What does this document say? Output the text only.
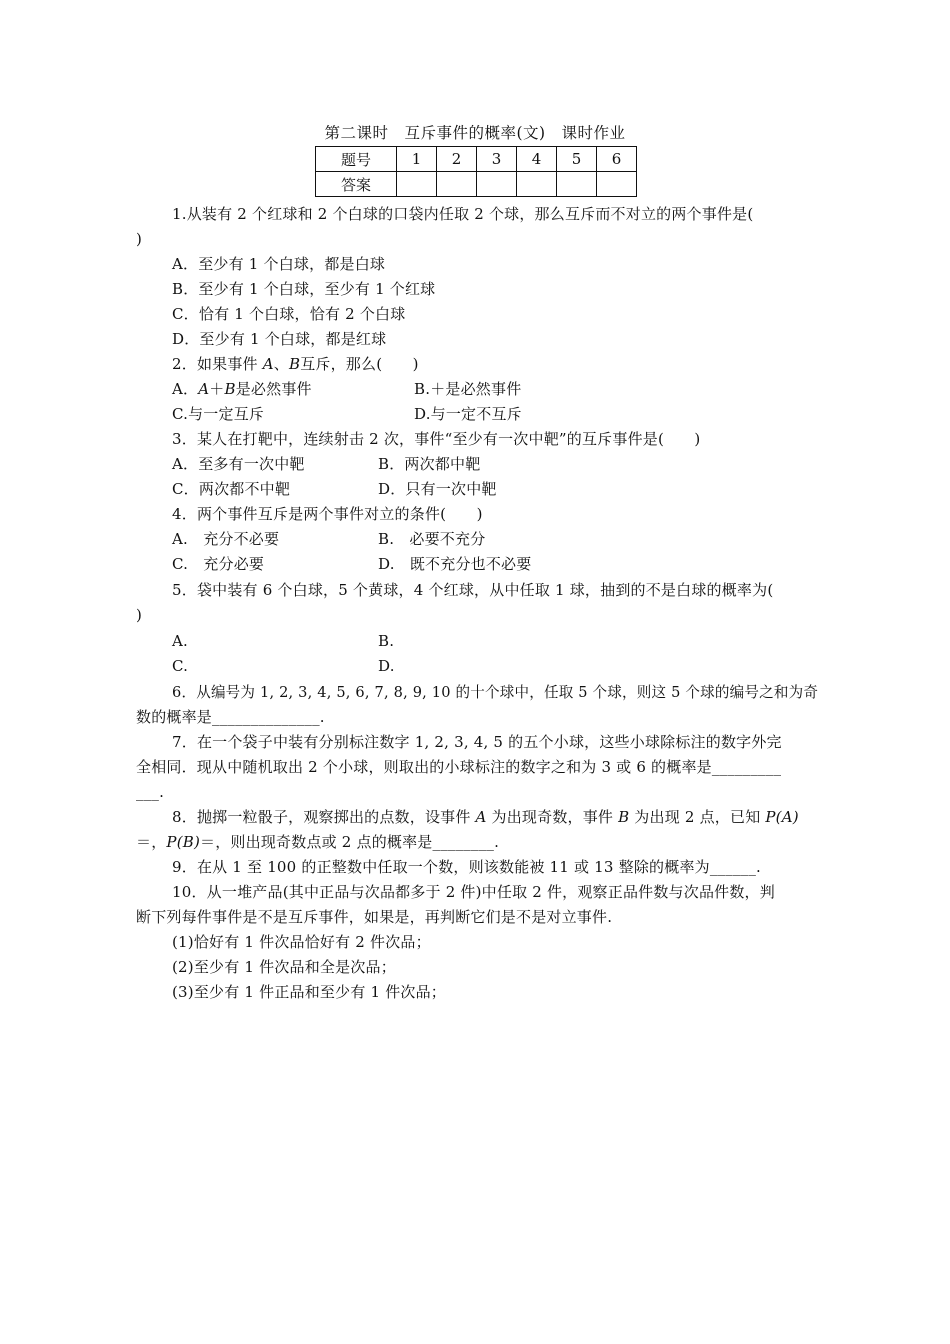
第二课时　互斥事件的概率(文)　课时作业
题号	1	2	3	4	5	6
答案						
1.从装有 2 个红球和 2 个白球的口袋内任取 2 个球，那么互斥而不对立的两个事件是(
)
A．至少有 1 个白球，都是白球
B．至少有 1 个白球，至少有 1 个红球
C．恰有 1 个白球，恰有 2 个白球
D．至少有 1 个白球，都是红球
2．如果事件 A、B互斥，那么(　　)
A．A＋B是必然事件	B.＋是必然事件
C.与一定互斥	D.与一定不互斥
3．某人在打靶中，连续射击 2 次，事件“至少有一次中靶”的互斥事件是(　　)
A．至多有一次中靶	B．两次都中靶
C．两次都不中靶	D．只有一次中靶
4．两个事件互斥是两个事件对立的条件(　　)
A.　充分不必要	B.　必要不充分
C.　充分必要	D.　既不充分也不必要
5．袋中装有 6 个白球，5 个黄球，4 个红球，从中任取 1 球，抽到的不是白球的概率为(
)
A.	B.
C.	D.
6．从编号为 1, 2, 3, 4, 5, 6, 7, 8, 9, 10 的十个球中，任取 5 个球，则这 5 个球的编号之和为奇
数的概率是______________.
7．在一个袋子中装有分别标注数字 1, 2, 3, 4, 5 的五个小球，这些小球除标注的数字外完
全相同．现从中随机取出 2 个小球，则取出的小球标注的数字之和为 3 或 6 的概率是_________
___.
8．抛掷一粒骰子，观察掷出的点数，设事件 A 为出现奇数，事件 B 为出现 2 点，已知 P(A)
＝，P(B)＝，则出现奇数点或 2 点的概率是________.
9．在从 1 至 100 的正整数中任取一个数，则该数能被 11 或 13 整除的概率为______.
10．从一堆产品(其中正品与次品都多于 2 件)中任取 2 件，观察正品件数与次品件数，判
断下列每件事件是不是互斥事件，如果是，再判断它们是不是对立事件.
(1)恰好有 1 件次品恰好有 2 件次品；
(2)至少有 1 件次品和全是次品；
(3)至少有 1 件正品和至少有 1 件次品；
